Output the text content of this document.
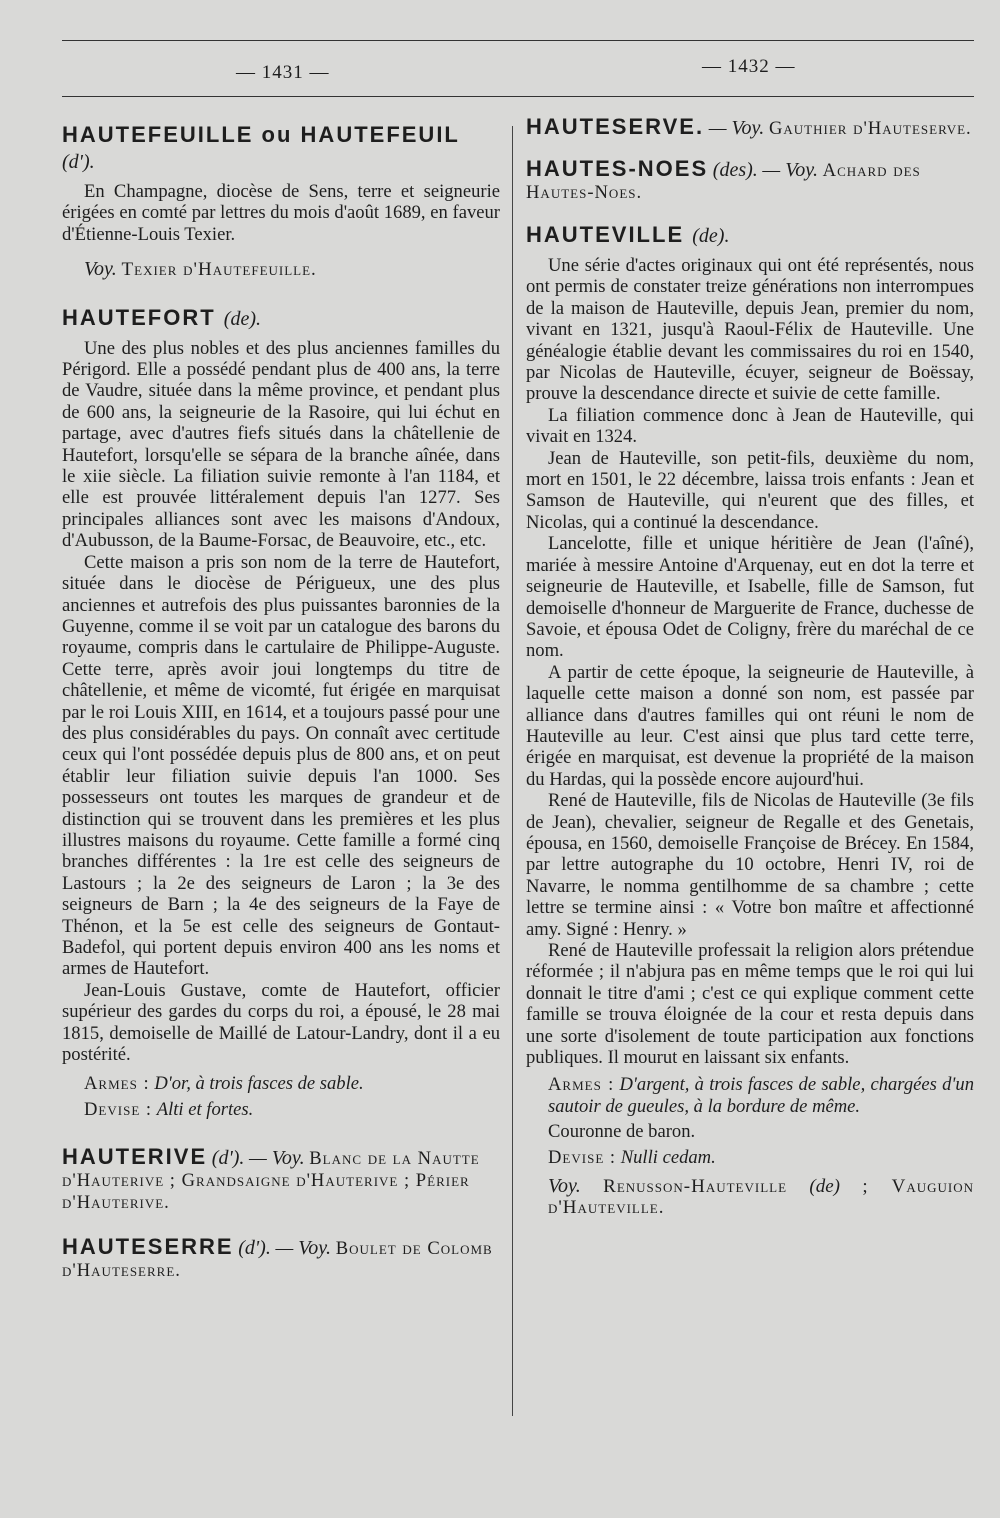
— 1431 —	— 1432 —
HAUTEFEUILLE ou HAUTEFEUIL (d').

En Champagne, diocèse de Sens, terre et seigneurie érigées en comté par lettres du mois d'août 1689, en faveur d'Étienne-Louis Texier.

Voy. Texier d'Hautefeuille.
HAUTEFORT (de).

Une des plus nobles et des plus anciennes familles du Périgord. Elle a possédé pendant plus de 400 ans, la terre de Vaudre, située dans la même province, et pendant plus de 600 ans, la seigneurie de la Rasoire, qui lui échut en partage, avec d'autres fiefs situés dans la châtellenie de Hautefort, lorsqu'elle se sépara de la branche aînée, dans le xiie siècle. La filiation suivie remonte à l'an 1184, et elle est prouvée littéralement depuis l'an 1277. Ses principales alliances sont avec les maisons d'Andoux, d'Aubusson, de la Baume-Forsac, de Beauvoire, etc., etc.

Cette maison a pris son nom de la terre de Hautefort, située dans le diocèse de Périgueux, une des plus anciennes et autrefois des plus puissantes baronnies de la Guyenne, comme il se voit par un catalogue des barons du royaume, compris dans le cartulaire de Philippe-Auguste. Cette terre, après avoir joui longtemps du titre de châtellenie, et même de vicomté, fut érigée en marquisat par le roi Louis XIII, en 1614, et a toujours passé pour une des plus considérables du pays. On connaît avec certitude ceux qui l'ont possédée depuis plus de 800 ans, et on peut établir leur filiation suivie depuis l'an 1000. Ses possesseurs ont toutes les marques de grandeur et de distinction qui se trouvent dans les premières et les plus illustres maisons du royaume. Cette famille a formé cinq branches différentes : la 1re est celle des seigneurs de Lastours ; la 2e des seigneurs de Laron ; la 3e des seigneurs de Barn ; la 4e des seigneurs de la Faye de Thénon, et la 5e est celle des seigneurs de Gontaut-Badefol, qui portent depuis environ 400 ans les noms et armes de Hautefort.

Jean-Louis Gustave, comte de Hautefort, officier supérieur des gardes du corps du roi, a épousé, le 28 mai 1815, demoiselle de Maillé de Latour-Landry, dont il a eu postérité.

Armes : D'or, à trois fasces de sable.
Devise : Alti et fortes.
HAUTERIVE (d'). — Voy. Blanc de la Nautte d'Hauterive ; Grandsaigne d'Hauterive ; Périer d'Hauterive.
HAUTESERRE (d'). — Voy. Boulet de Colomb d'Hauteserre.
HAUTESERVE. — Voy. Gauthier d'Hauteserve.
HAUTES-NOES (des). — Voy. Achard des Hautes-Noes.
HAUTEVILLE (de).

Une série d'actes originaux qui ont été représentés, nous ont permis de constater treize générations non interrompues de la maison de Hauteville, depuis Jean, premier du nom, vivant en 1321, jusqu'à Raoul-Félix de Hauteville. Une généalogie établie devant les commissaires du roi en 1540, par Nicolas de Hauteville, écuyer, seigneur de Boëssay, prouve la descendance directe et suivie de cette famille.

La filiation commence donc à Jean de Hauteville, qui vivait en 1324.

Jean de Hauteville, son petit-fils, deuxième du nom, mort en 1501, le 22 décembre, laissa trois enfants : Jean et Samson de Hauteville, qui n'eurent que des filles, et Nicolas, qui a continué la descendance.

Lancelotte, fille et unique héritière de Jean (l'aîné), mariée à messire Antoine d'Arquenay, eut en dot la terre et seigneurie de Hauteville, et Isabelle, fille de Samson, fut demoiselle d'honneur de Marguerite de France, duchesse de Savoie, et épousa Odet de Coligny, frère du maréchal de ce nom.

A partir de cette époque, la seigneurie de Hauteville, à laquelle cette maison a donné son nom, est passée par alliance dans d'autres familles qui ont réuni le nom de Hauteville au leur. C'est ainsi que plus tard cette terre, érigée en marquisat, est devenue la propriété de la maison du Hardas, qui la possède encore aujourd'hui.

René de Hauteville, fils de Nicolas de Hauteville (3e fils de Jean), chevalier, seigneur de Regalle et des Genetais, épousa, en 1560, demoiselle Françoise de Brécey. En 1584, par lettre autographe du 10 octobre, Henri IV, roi de Navarre, le nomma gentilhomme de sa chambre ; cette lettre se termine ainsi : « Votre bon maître et affectionné amy. Signé : Henry. »

René de Hauteville professait la religion alors prétendue réformée ; il n'abjura pas en même temps que le roi qui lui donnait le titre d'ami ; c'est ce qui explique comment cette famille se trouva éloignée de la cour et resta depuis dans une sorte d'isolement de toute participation aux fonctions publiques. Il mourut en laissant six enfants.

Armes : D'argent, à trois fasces de sable, chargées d'un sautoir de gueules, à la bordure de même.
Couronne de baron.
Devise : Nulli cedam.
Voy. Renusson-Hauteville (de) ; Vauguion d'Hauteville.
